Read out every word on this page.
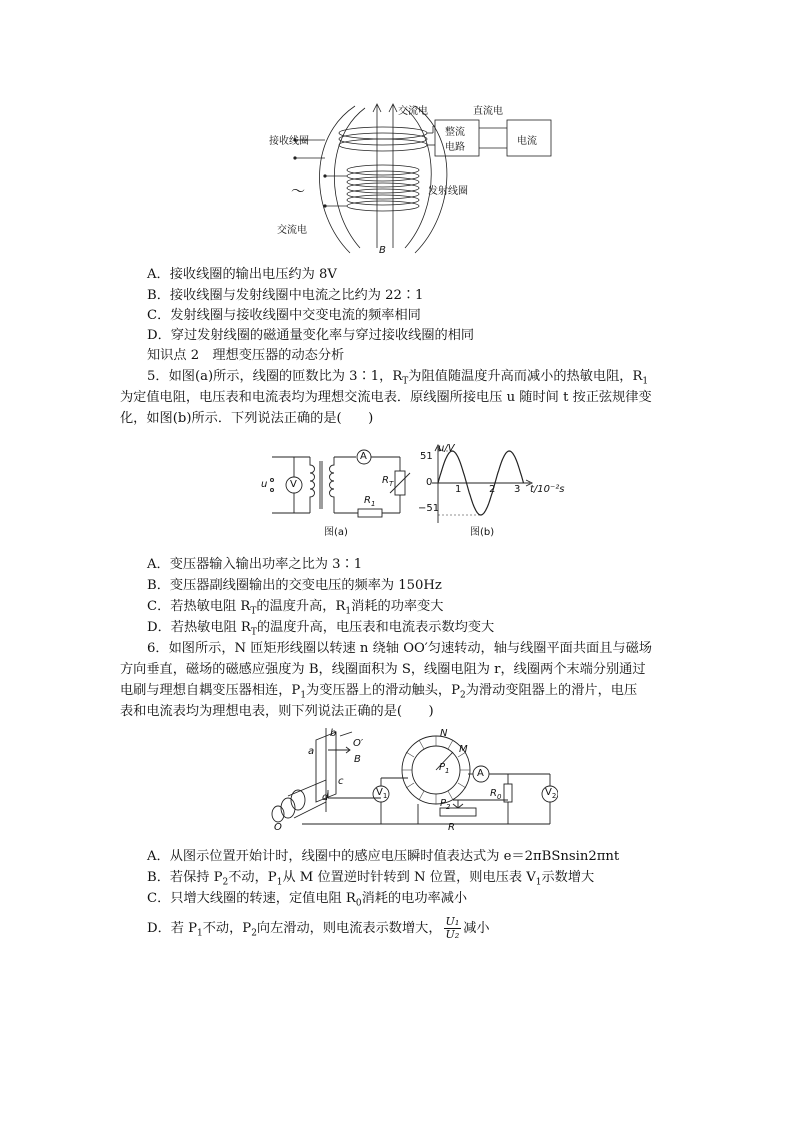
交流电	直流电
接收线圈
整流
电路
电流
～	发射线圈
交流电
B
A．接收线圈的输出电压约为 8V
B．接收线圈与发射线圈中电流之比约为 22∶1
C．发射线圈与接收线圈中交变电流的频率相同
D．穿过发射线圈的磁通量变化率与穿过接收线圈的相同
知识点 2　理想变压器的动态分析
5．如图(a)所示，线圈的匝数比为 3∶1，$R_T$为阻值随温度升高而减小的热敏电阻，$R_1$
为定值电阻，电压表和电流表均为理想交流电表．原线圈所接电压 u 随时间 t 按正弦规律变
化，如图(b)所示．下列说法正确的是(　　)
u V
A
$R_T$
$R_1$
图(a)
u/V
51
0
−51
1	2 3 t/10⁻²s
图(b)
A．变压器输入输出功率之比为 3∶1
B．变压器副线圈输出的交变电压的频率为 150Hz
C．若热敏电阻 $R_T$的温度升高，$R_1$消耗的功率变大
D．若热敏电阻 $R_T$的温度升高，电压表和电流表示数均变大
6．如图所示，N 匝矩形线圈以转速 n 绕轴 OO′匀速转动，轴与线圈平面共面且与磁场
方向垂直，磁场的磁感应强度为 B，线圈面积为 S，线圈电阻为 r，线圈两个末端分别通过
电刷与理想自耦变压器相连，$P_1$为变压器上的滑动触头，$P_2$为滑动变阻器上的滑片，电压
表和电流表均为理想电表，则下列说法正确的是(　　)
a
b
c
d
O′
B
O
$V_1$
N
M
$P_1$	A
$R_0$	$V_2$
$P_2$
R
A．从图示位置开始计时，线圈中的感应电压瞬时值表达式为 e＝2πBSnsin2πnt
B．若保持 $P_2$不动，$P_1$从 M 位置逆时针转到 N 位置，则电压表 $V_1$示数增大
C．只增大线圈的转速，定值电阻 $R_0$消耗的电功率减小
D．若 $P_1$不动，$P_2$向左滑动，则电流表示数增大， $\frac{\text{U₁}}{\text{U₂}}$ 减小
